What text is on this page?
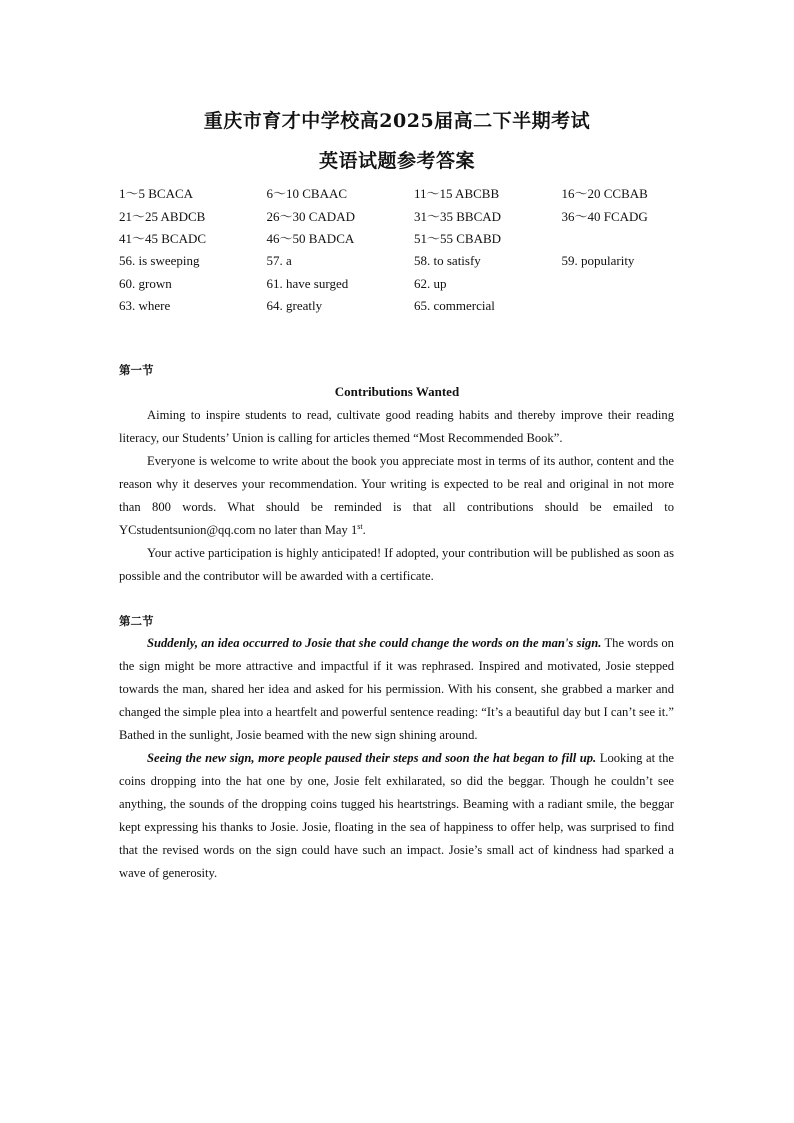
重庆市育才中学校高2025届高二下半期考试
英语试题参考答案
1～5 BCACA	6～10 CBAAC	11～15 ABCBB	16～20 CCBAB
21～25 ABDCB	26～30 CADAD	31～35 BBCAD	36～40 FCADG
41～45 BCADC	46～50 BADCA	51～55 CBABD	
56. is sweeping	57. a	58. to satisfy	59. popularity
60. grown	61. have surged	62. up	
63. where	64. greatly	65. commercial	
第一节
Contributions Wanted

Aiming to inspire students to read, cultivate good reading habits and thereby improve their reading literacy, our Students’ Union is calling for articles themed “Most Recommended Book”.

Everyone is welcome to write about the book you appreciate most in terms of its author, content and the reason why it deserves your recommendation. Your writing is expected to be real and original in not more than 800 words. What should be reminded is that all contributions should be emailed to YCstudentsunion@qq.com no later than May 1st.

Your active participation is highly anticipated! If adopted, your contribution will be published as soon as possible and the contributor will be awarded with a certificate.

第二节

Suddenly, an idea occurred to Josie that she could change the words on the man's sign. The words on the sign might be more attractive and impactful if it was rephrased. Inspired and motivated, Josie stepped towards the man, shared her idea and asked for his permission. With his consent, she grabbed a marker and changed the simple plea into a heartfelt and powerful sentence reading: “It’s a beautiful day but I can’t see it.” Bathed in the sunlight, Josie beamed with the new sign shining around.

Seeing the new sign, more people paused their steps and soon the hat began to fill up. Looking at the coins dropping into the hat one by one, Josie felt exhilarated, so did the beggar. Though he couldn’t see anything, the sounds of the dropping coins tugged his heartstrings. Beaming with a radiant smile, the beggar kept expressing his thanks to Josie. Josie, floating in the sea of happiness to offer help, was surprised to find that the revised words on the sign could have such an impact. Josie’s small act of kindness had sparked a wave of generosity.
